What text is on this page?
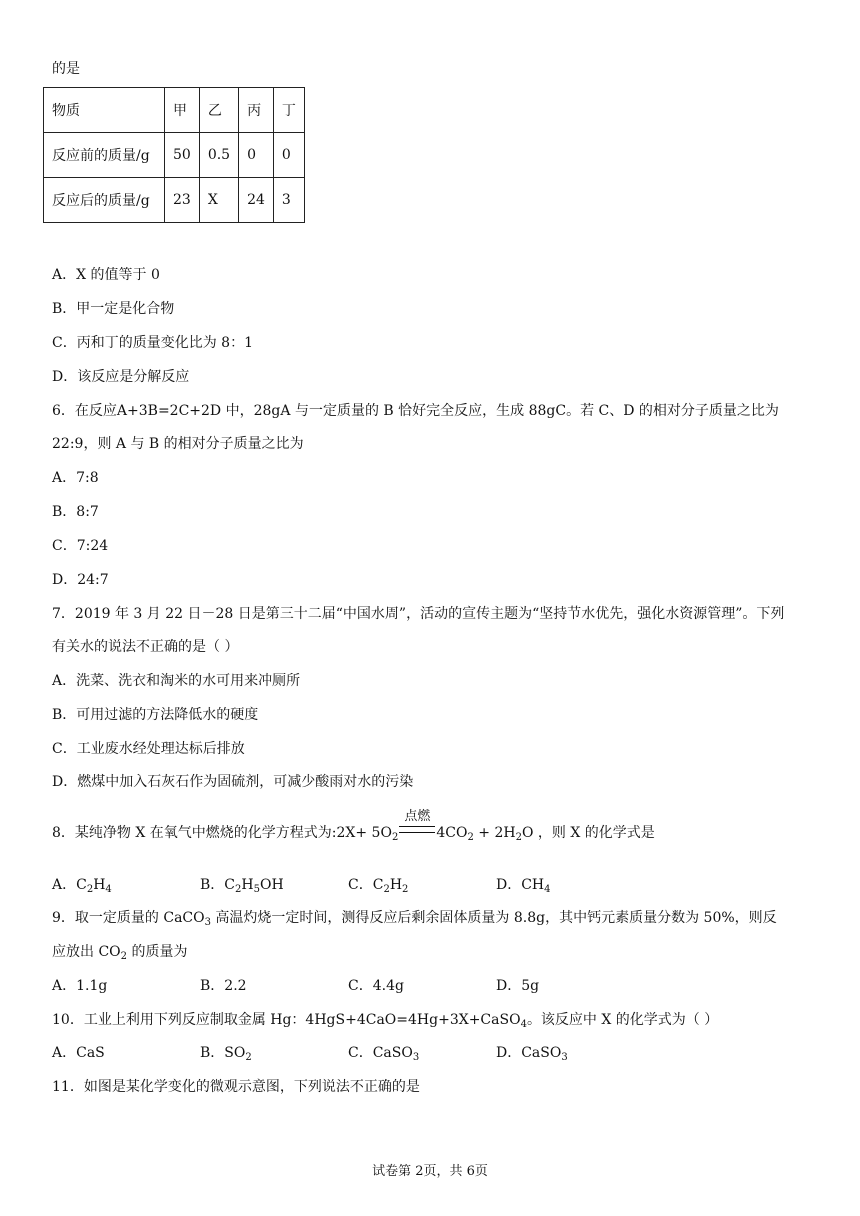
的是
物质	甲	乙	丙	丁
反应前的质量/g	50	0.5	0	0
反应后的质量/g	23	X	24	3
A．X 的值等于 0
B．甲一定是化合物
C．丙和丁的质量变化比为 8：1
D．该反应是分解反应
6．在反应A+3B=2C+2D 中，28gA 与一定质量的 B 恰好完全反应，生成 88gC。若 C、D 的相对分子质量之比为
22:9，则 A 与 B 的相对分子质量之比为
A．7:8
B．8:7
C．7:24
D．24:7
7．2019 年 3 月 22 日－28 日是第三十二届“中国水周”，活动的宣传主题为“坚持节水优先，强化水资源管理”。下列
有关水的说法不正确的是（ ）
A．洗菜、洗衣和淘米的水可用来冲厕所
B．可用过滤的方法降低水的硬度
C．工业废水经处理达标后排放
D．燃煤中加入石灰石作为固硫剂，可减少酸雨对水的污染
8．某纯净物 X 在氧气中燃烧的化学方程式为:2X+ $5O_2$
点燃
$4CO_2 + 2H_2O$ ，则 X 的化学式是
A．$C_2H_4$	B．$C_2H_5OH$	C．$C_2H_2$	D．$CH_4$
9．取一定质量的 CaCO$_3$ 高温灼烧一定时间，测得反应后剩余固体质量为 8.8g，其中钙元素质量分数为 50%，则反
应放出 $CO_2$ 的质量为
A．1.1g	B．2.2	C．4.4g	D．5g
10．工业上利用下列反应制取金属 Hg：4HgS+4CaO=4Hg+3X+CaSO$_4$。该反应中 X 的化学式为（ ）
A．CaS	B．$SO_2$	C．CaSO$_3$	D．CaSO$_3$
11．如图是某化学变化的微观示意图，下列说法不正确的是
试卷第 2页，共 6页
